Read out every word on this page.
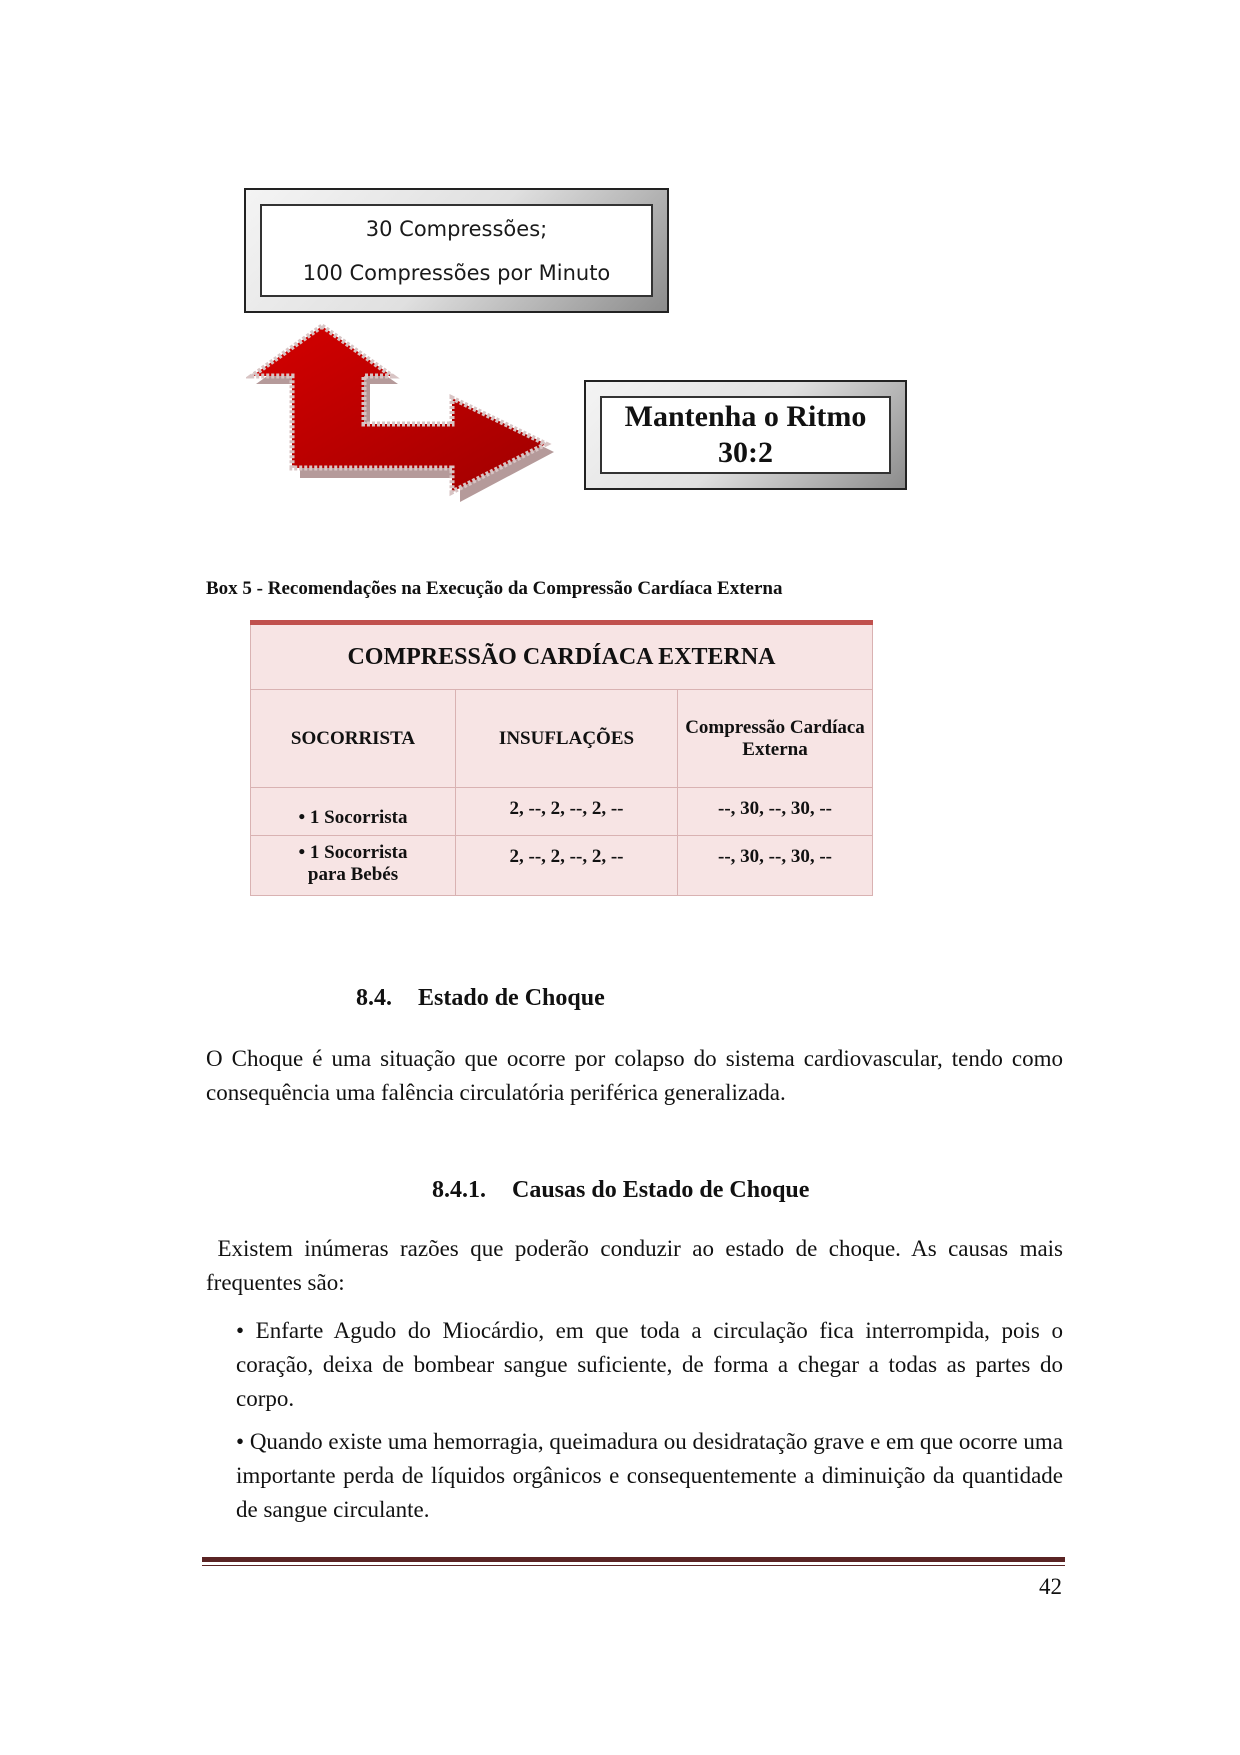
30 Compressões;
100 Compressões por Minuto
Mantenha o Ritmo
30:2
Box 5 - Recomendações na Execução da Compressão Cardíaca Externa
COMPRESSÃO CARDÍACA EXTERNA		
SOCORRISTA	INSUFLAÇÕES	Compressão Cardíaca Externa
• 1 Socorrista	2, --, 2, --, 2, --	--, 30, --, 30, --
• 1 Socorrista para Bebés	2, --, 2, --, 2, --	--, 30, --, 30, --
8.4. Estado de Choque
O Choque é uma situação que ocorre por colapso do sistema cardiovascular, tendo como consequência uma falência circulatória periférica generalizada.
8.4.1. Causas do Estado de Choque
Existem inúmeras razões que poderão conduzir ao estado de choque. As causas mais frequentes são:
• Enfarte Agudo do Miocárdio, em que toda a circulação fica interrompida, pois o coração, deixa de bombear sangue suficiente, de forma a chegar a todas as partes do corpo.
• Quando existe uma hemorragia, queimadura ou desidratação grave e em que ocorre uma importante perda de líquidos orgânicos e consequentemente a diminuição da quantidade de sangue circulante.
42
